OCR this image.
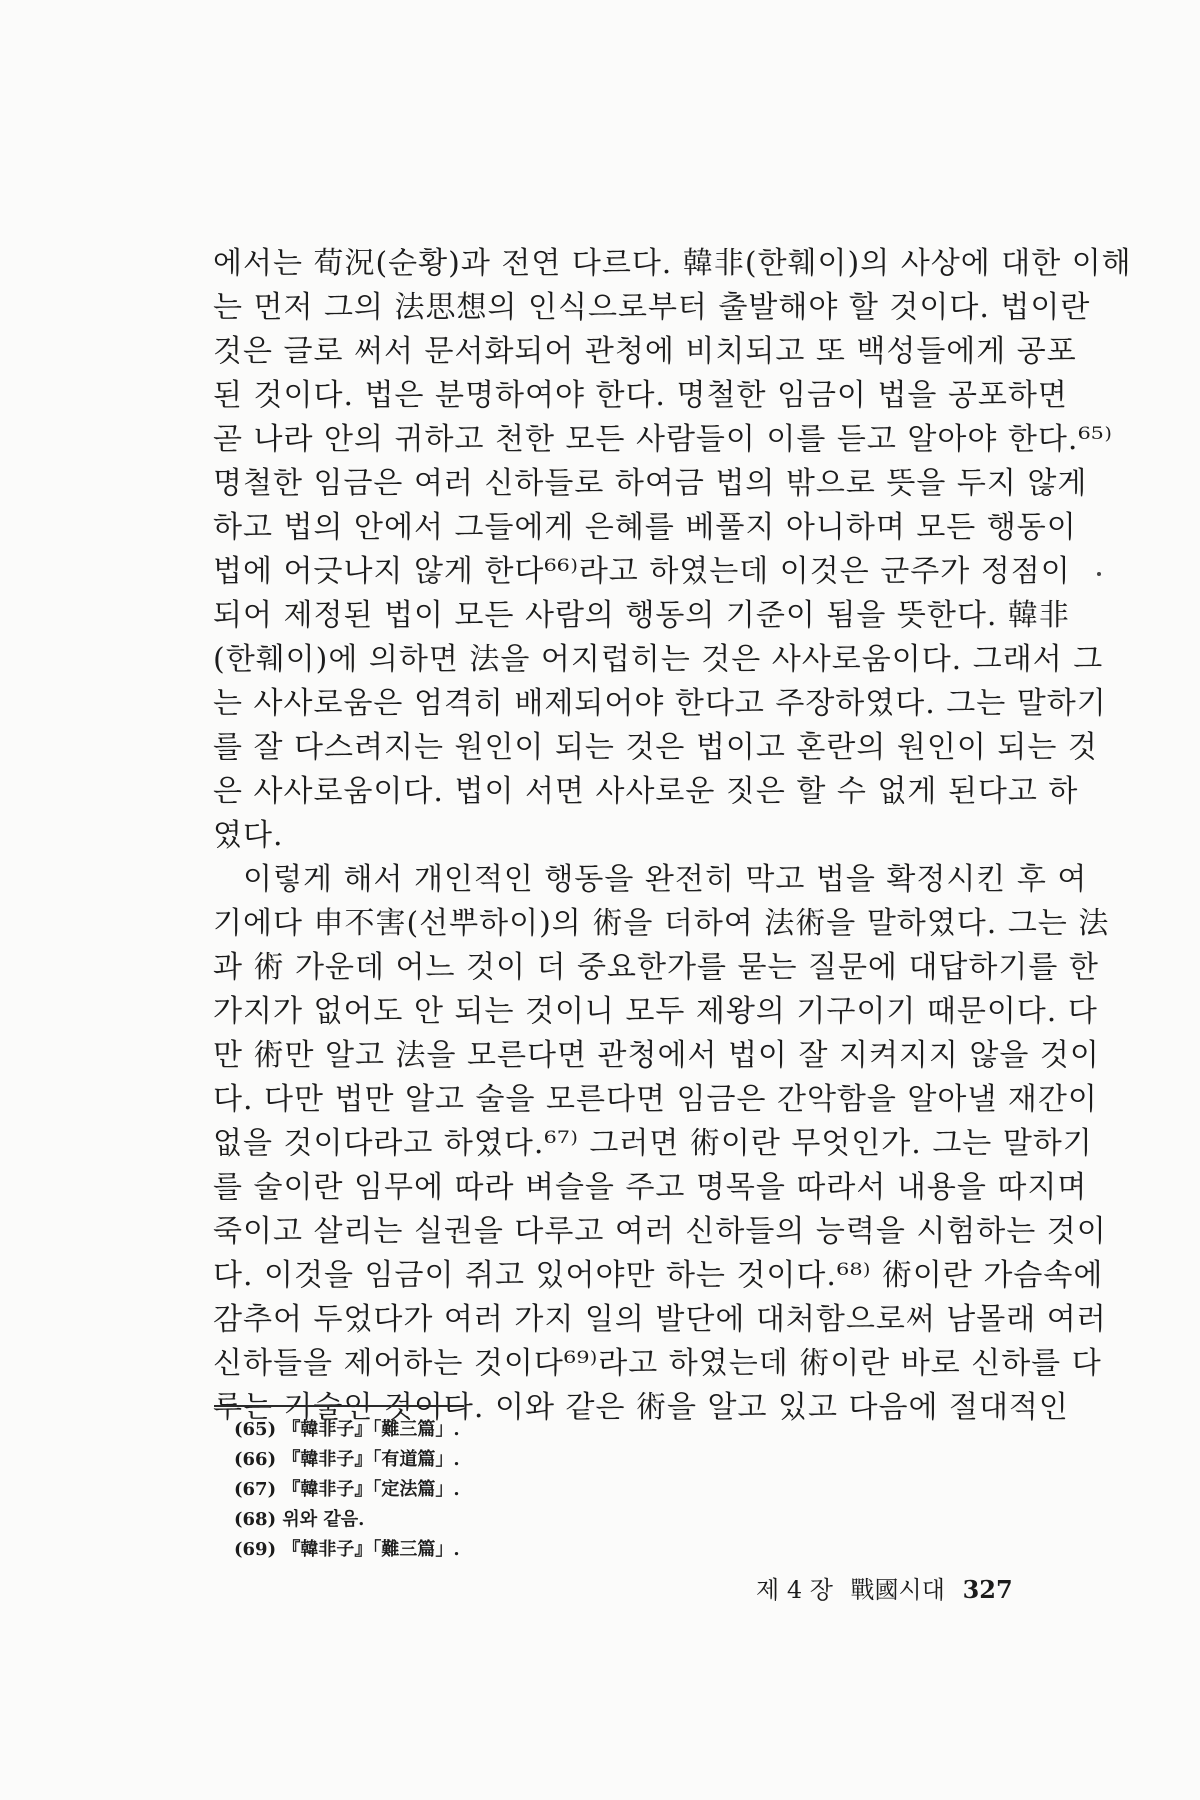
에서는 荀況(순황)과 전연 다르다. 韓非(한훼이)의 사상에 대한 이해
는 먼저 그의 法思想의 인식으로부터 출발해야 할 것이다. 법이란
것은 글로 써서 문서화되어 관청에 비치되고 또 백성들에게 공포
된 것이다. 법은 분명하여야 한다. 명철한 임금이 법을 공포하면
곧 나라 안의 귀하고 천한 모든 사람들이 이를 듣고 알아야 한다.⁶⁵⁾
명철한 임금은 여러 신하들로 하여금 법의 밖으로 뜻을 두지 않게
하고 법의 안에서 그들에게 은혜를 베풀지 아니하며 모든 행동이
법에 어긋나지 않게 한다⁶⁶⁾라고 하였는데 이것은 군주가 정점이
되어 제정된 법이 모든 사람의 행동의 기준이 됨을 뜻한다. 韓非
(한훼이)에 의하면 法을 어지럽히는 것은 사사로움이다. 그래서 그
는 사사로움은 엄격히 배제되어야 한다고 주장하였다. 그는 말하기
를 잘 다스려지는 원인이 되는 것은 법이고 혼란의 원인이 되는 것
은 사사로움이다. 법이 서면 사사로운 짓은 할 수 없게 된다고 하
였다.
이렇게 해서 개인적인 행동을 완전히 막고 법을 확정시킨 후 여
기에다 申不害(선뿌하이)의 術을 더하여 法術을 말하였다. 그는 法
과 術 가운데 어느 것이 더 중요한가를 묻는 질문에 대답하기를 한
가지가 없어도 안 되는 것이니 모두 제왕의 기구이기 때문이다. 다
만 術만 알고 法을 모른다면 관청에서 법이 잘 지켜지지 않을 것이
다. 다만 법만 알고 술을 모른다면 임금은 간악함을 알아낼 재간이
없을 것이다라고 하였다.⁶⁷⁾ 그러면 術이란 무엇인가. 그는 말하기
를 술이란 임무에 따라 벼슬을 주고 명목을 따라서 내용을 따지며
죽이고 살리는 실권을 다루고 여러 신하들의 능력을 시험하는 것이
다. 이것을 임금이 쥐고 있어야만 하는 것이다.⁶⁸⁾ 術이란 가슴속에
감추어 두었다가 여러 가지 일의 발단에 대처함으로써 남몰래 여러
신하들을 제어하는 것이다⁶⁹⁾라고 하였는데 術이란 바로 신하를 다
루는 기술인 것이다. 이와 같은 術을 알고 있고 다음에 절대적인
(65) 『韓非子』「難三篇」.
(66) 『韓非子』「有道篇」.
(67) 『韓非子』「定法篇」.
(68) 위와 같음.
(69) 『韓非子』「難三篇」.
제 4 장 戰國시대 327
